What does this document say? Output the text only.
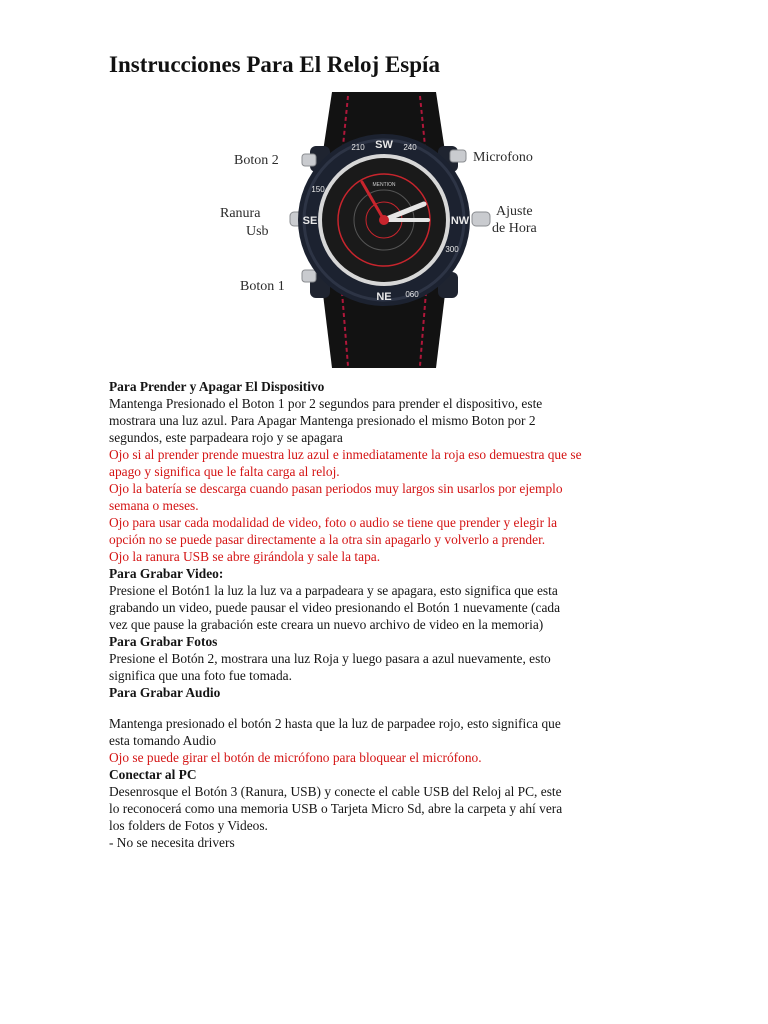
Instrucciones Para El Reloj Espía
SW 240
210
SE	NW
NE 060
150
300
MENTION
Boton 2
Ranura
Usb
Boton 1
Microfono
Ajuste
de Hora

Para Prender y Apagar El Dispositivo

Mantenga Presionado el Boton 1 por 2 segundos para prender el dispositivo, este

mostrara una luz azul. Para Apagar Mantenga presionado el mismo Boton por 2

segundos, este parpadeara rojo y se apagara

Ojo si al prender prende muestra luz azul e inmediatamente la roja eso demuestra que se

apago y significa que le falta carga al reloj.

Ojo la batería se descarga cuando pasan periodos muy largos sin usarlos por ejemplo

semana o meses.

Ojo para usar cada modalidad de video, foto o audio se tiene que prender y elegir la

opción no se puede pasar directamente a la otra sin apagarlo y volverlo a prender.

Ojo la ranura USB se abre girándola y sale la tapa.

Para Grabar Video:

Presione el Botón1 la luz la luz va a parpadeara y se apagara, esto significa que esta

grabando un video, puede pausar el video presionando el Botón 1 nuevamente (cada

vez que pause la grabación este creara un nuevo archivo de video en la memoria)

Para Grabar Fotos

Presione el Botón 2, mostrara una luz Roja y luego pasara a azul nuevamente, esto

significa que una foto fue tomada.

Para Grabar Audio

Mantenga presionado el botón 2 hasta que la luz de parpadee rojo, esto significa que

esta tomando Audio

Ojo se puede girar el botón de micrófono para bloquear el micrófono.

Conectar al PC

Desenrosque el Botón 3 (Ranura, USB) y conecte el cable USB del Reloj al PC, este

lo reconocerá como una memoria USB o Tarjeta Micro Sd, abre la carpeta y ahí vera

los folders de Fotos y Videos.

- No se necesita drivers
